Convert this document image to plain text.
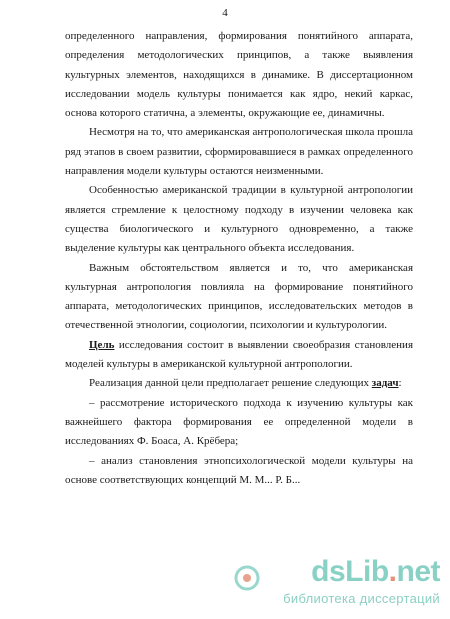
4

определенного направления, формирования понятийного аппарата, определения методологических принципов, а также выявления культурных элементов, находящихся в динамике. В диссертационном исследовании модель культуры понимается как ядро, некий каркас, основа которого статична, а элементы, окружающие ее, динамичны.

Несмотря на то, что американская антропологическая школа прошла ряд этапов в своем развитии, сформировавшиеся в рамках определенного направления модели культуры остаются неизменными.

Особенностью американской традиции в культурной антропологии является стремление к целостному подходу в изучении человека как существа биологического и культурного одновременно, а также выделение культуры как центрального объекта исследования.

Важным обстоятельством является и то, что американская культурная антропология повлияла на формирование понятийного аппарата, методологических принципов, исследовательских методов в отечественной этнологии, социологии, психологии и культурологии.

Цель исследования состоит в выявлении своеобразия становления моделей культуры в американской культурной антропологии.

Реализация данной цели предполагает решение следующих задач:

– рассмотрение исторического подхода к изучению культуры как важнейшего фактора формирования ее определенной модели в исследованиях Ф. Боаса, А. Крёбера;

– анализ становления этнопсихологической модели культуры на основе соответствующих концепций М. М... Р. Б...

dsLib.net
библиотека диссертаций
